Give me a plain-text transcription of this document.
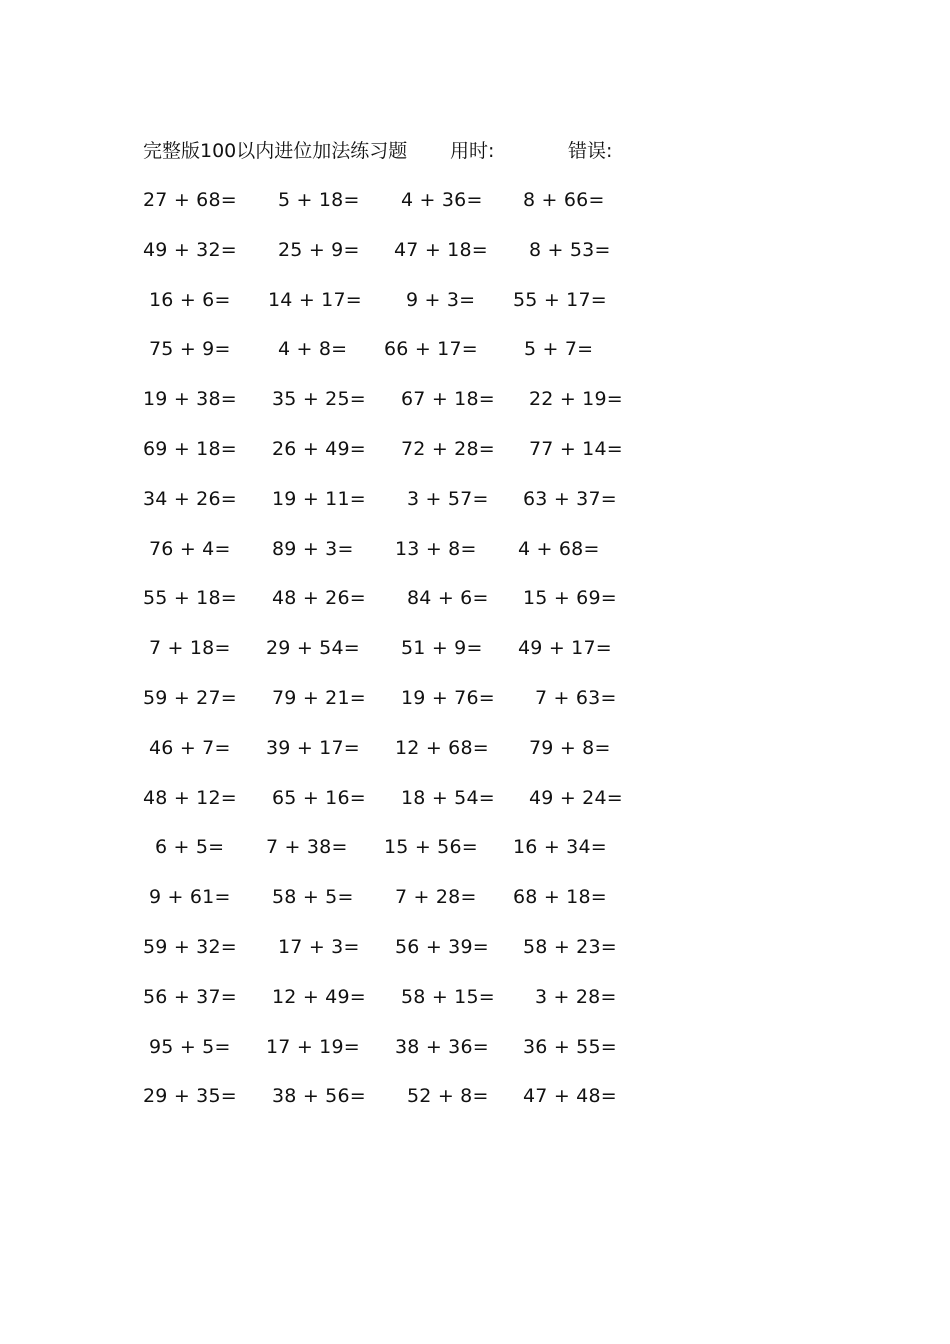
完整版100以内进位加法练习题 用时:	错误:
27 + 68= 5 + 18= 4 + 36= 8 + 66=
49 + 32= 25 + 9= 47 + 18= 8 + 53=
16 + 6= 14 + 17= 9 + 3= 55 + 17=
75 + 9= 4 + 8= 66 + 17= 5 + 7=
19 + 38= 35 + 25= 67 + 18= 22 + 19=
69 + 18= 26 + 49= 72 + 28= 77 + 14=
34 + 26= 19 + 11= 3 + 57= 63 + 37=
76 + 4= 89 + 3= 13 + 8= 4 + 68=
55 + 18= 48 + 26= 84 + 6= 15 + 69=
7 + 18= 29 + 54= 51 + 9= 49 + 17=
59 + 27= 79 + 21= 19 + 76= 7 + 63=
46 + 7= 39 + 17= 12 + 68= 79 + 8=
48 + 12= 65 + 16= 18 + 54= 49 + 24=
6 + 5= 7 + 38= 15 + 56= 16 + 34=
9 + 61= 58 + 5= 7 + 28= 68 + 18=
59 + 32= 17 + 3= 56 + 39= 58 + 23=
56 + 37= 12 + 49= 58 + 15= 3 + 28=
95 + 5= 17 + 19= 38 + 36= 36 + 55=
29 + 35= 38 + 56= 52 + 8= 47 + 48=
